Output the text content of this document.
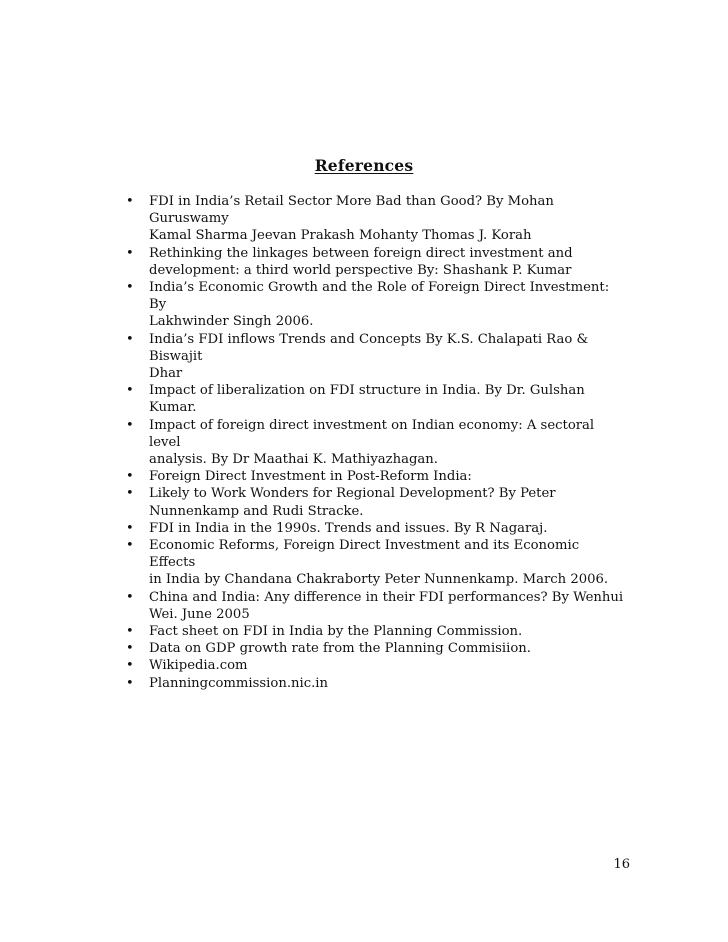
References
• FDI in India’s Retail Sector More Bad than Good? By Mohan Guruswamy
Kamal Sharma Jeevan Prakash Mohanty Thomas J. Korah
• Rethinking the linkages between foreign direct investment and
development: a third world perspective By: Shashank P. Kumar
• India’s Economic Growth and the Role of Foreign Direct Investment: By
Lakhwinder Singh 2006.
• India’s FDI inflows Trends and Concepts By K.S. Chalapati Rao & Biswajit
Dhar
• Impact of liberalization on FDI structure in India. By Dr. Gulshan Kumar.
• Impact of foreign direct investment on Indian economy: A sectoral level
analysis. By Dr Maathai K. Mathiyazhagan.
• Foreign Direct Investment in Post-Reform India:
• Likely to Work Wonders for Regional Development? By Peter
Nunnenkamp and Rudi Stracke.
• FDI in India in the 1990s. Trends and issues. By R Nagaraj.
• Economic Reforms, Foreign Direct Investment and its Economic Effects
in India by Chandana Chakraborty Peter Nunnenkamp. March 2006.
• China and India: Any difference in their FDI performances? By Wenhui
Wei. June 2005
• Fact sheet on FDI in India by the Planning Commission.
• Data on GDP growth rate from the Planning Commisiion.
• Wikipedia.com
• Planningcommission.nic.in
16
